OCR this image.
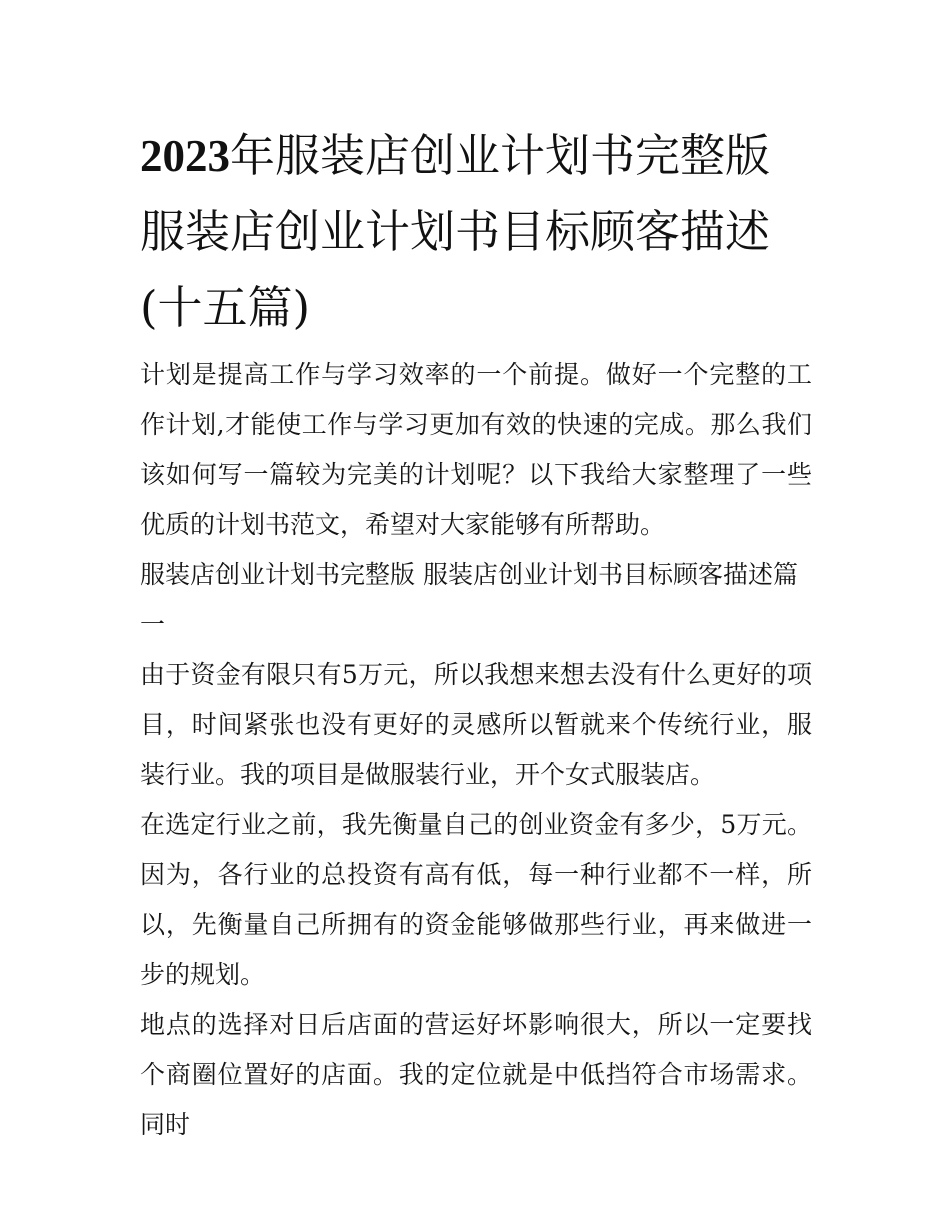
2023年服装店创业计划书完整版 服装店创业计划书目标顾客描述(十五篇)

计划是提高工作与学习效率的一个前提。做好一个完整的工作计划,才能使工作与学习更加有效的快速的完成。那么我们该如何写一篇较为完美的计划呢？以下我给大家整理了一些优质的计划书范文，希望对大家能够有所帮助。

服装店创业计划书完整版 服装店创业计划书目标顾客描述篇一

由于资金有限只有5万元，所以我想来想去没有什么更好的项目，时间紧张也没有更好的灵感所以暂就来个传统行业，服装行业。我的项目是做服装行业，开个女式服装店。

在选定行业之前，我先衡量自己的创业资金有多少，5万元。因为，各行业的总投资有高有低，每一种行业都不一样，所以，先衡量自己所拥有的资金能够做那些行业，再来做进一步的规划。

地点的选择对日后店面的营运好坏影响很大，所以一定要找个商圈位置好的店面。我的定位就是中低挡符合市场需求。同时
